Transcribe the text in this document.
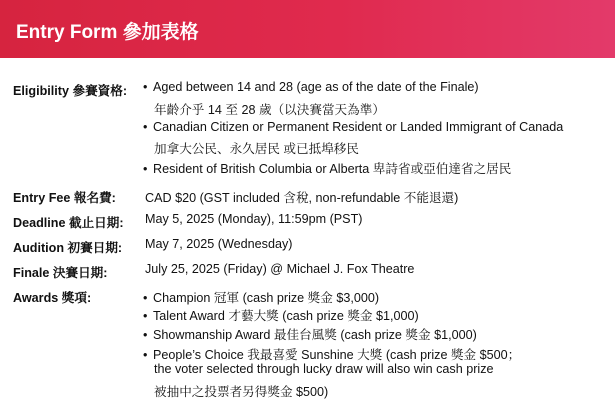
Entry Form 參加表格
Eligibility 參賽資格: • Aged between 14 and 28 (age as of the date of the Finale)
年齡介乎 14 至 28 歲（以決賽當天為準）
• Canadian Citizen or Permanent Resident or Landed Immigrant of Canada
加拿大公民、永久居民 或已抵埠移民
• Resident of British Columbia or Alberta 卑詩省或亞伯達省之居民
Entry Fee 報名費: CAD $20 (GST included 含稅, non-refundable 不能退還)
Deadline 截止日期: May 5, 2025 (Monday), 11:59pm (PST)
Audition 初賽日期: May 7, 2025 (Wednesday)
Finale 決賽日期:	July 25, 2025 (Friday) @ Michael J. Fox Theatre
Awards 獎項:	• Champion 冠軍 (cash prize 獎金 $3,000)
• Talent Award 才藝大獎 (cash prize 獎金 $1,000)
• Showmanship Award 最佳台風獎 (cash prize 獎金 $1,000)
• People’s Choice 我最喜愛 Sunshine 大獎 (cash prize 獎金 $500；
the voter selected through lucky draw will also win cash prize
被抽中之投票者另得獎金 $500)
